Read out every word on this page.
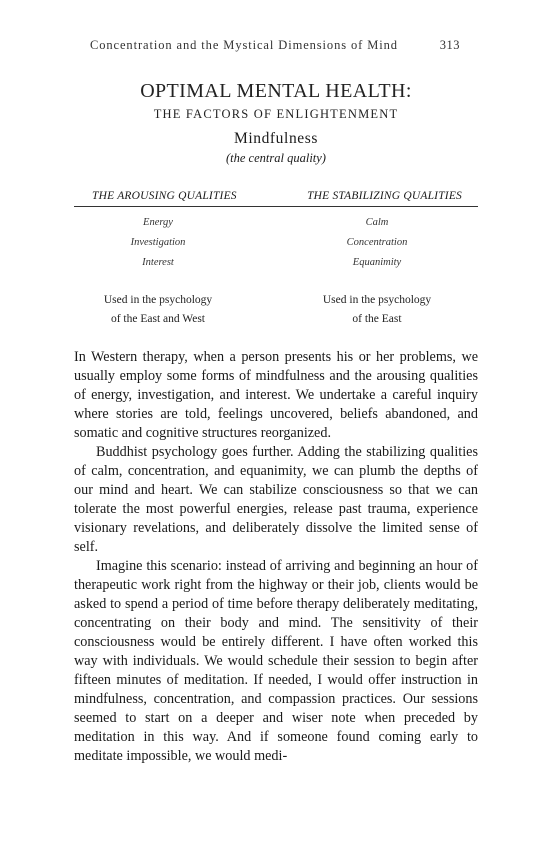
Concentration and the Mystical Dimensions of Mind	313
OPTIMAL MENTAL HEALTH:
THE FACTORS OF ENLIGHTENMENT
Mindfulness
(the central quality)
THE AROUSING QUALITIES	THE STABILIZING QUALITIES
Energy
Investigation
Interest
Used in the psychology
of the East and West
Calm
Concentration
Equanimity
Used in the psychology
of the East

In Western therapy, when a person presents his or her problems, we usually employ some forms of mindfulness and the arousing qualities of energy, investigation, and interest. We undertake a careful inquiry where stories are told, feelings uncovered, beliefs abandoned, and somatic and cognitive structures reorganized.

Buddhist psychology goes further. Adding the stabilizing qualities of calm, concentration, and equanimity, we can plumb the depths of our mind and heart. We can stabilize consciousness so that we can tolerate the most powerful energies, release past trauma, experience visionary revelations, and deliberately dissolve the limited sense of self.

Imagine this scenario: instead of arriving and beginning an hour of therapeutic work right from the highway or their job, clients would be asked to spend a period of time before therapy deliberately meditating, concentrating on their body and mind. The sensitivity of their consciousness would be entirely different. I have often worked this way with individuals. We would schedule their session to begin after fifteen minutes of meditation. If needed, I would offer instruction in mindfulness, concentration, and compassion practices. Our sessions seemed to start on a deeper and wiser note when preceded by meditation in this way. And if someone found coming early to meditate impossible, we would medi-
